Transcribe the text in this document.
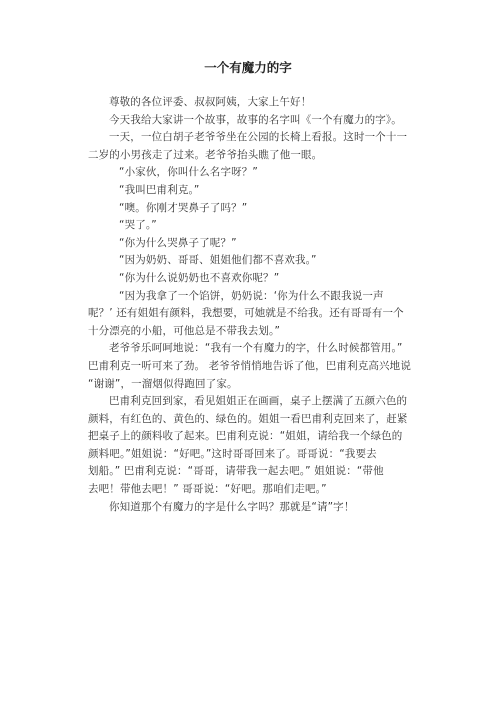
一个有魔力的字
尊敬的各位评委、叔叔阿姨，大家上午好！
今天我给大家讲一个故事，故事的名字叫《一个有魔力的字》。
一天，一位白胡子老爷爷坐在公园的长椅上看报。这时一个十一
二岁的小男孩走了过来。老爷爷抬头瞧了他一眼。
“小家伙，你叫什么名字呀？”
“我叫巴甫利克。”
“噢。你刚才哭鼻子了吗？”
“哭了。”
“你为什么哭鼻子了呢？”
“因为奶奶、哥哥、姐姐他们都不喜欢我。”
“你为什么说奶奶也不喜欢你呢？”
“因为我拿了一个馅饼，奶奶说：‘你为什么不跟我说一声
呢？’ 还有姐姐有颜料，我想要，可她就是不给我。还有哥哥有一个
十分漂亮的小船，可他总是不带我去划。”
老爷爷乐呵呵地说：“我有一个有魔力的字，什么时候都管用。”
巴甫利克一听可来了劲。 老爷爷悄悄地告诉了他，巴甫利克高兴地说
“谢谢”，一溜烟似得跑回了家。
巴甫利克回到家，看见姐姐正在画画，桌子上摆满了五颜六色的
颜料，有红色的、黄色的、绿色的。姐姐一看巴甫利克回来了，赶紧
把桌子上的颜料收了起来。巴甫利克说：“姐姐，请给我一个绿色的
颜料吧。”姐姐说：“好吧。”这时哥哥回来了。哥哥说：“我要去
划船。” 巴甫利克说：“哥哥，请带我一起去吧。” 姐姐说：“带他
去吧！带他去吧！” 哥哥说：“好吧。那咱们走吧。”
你知道那个有魔力的字是什么字吗？那就是“请”字！
